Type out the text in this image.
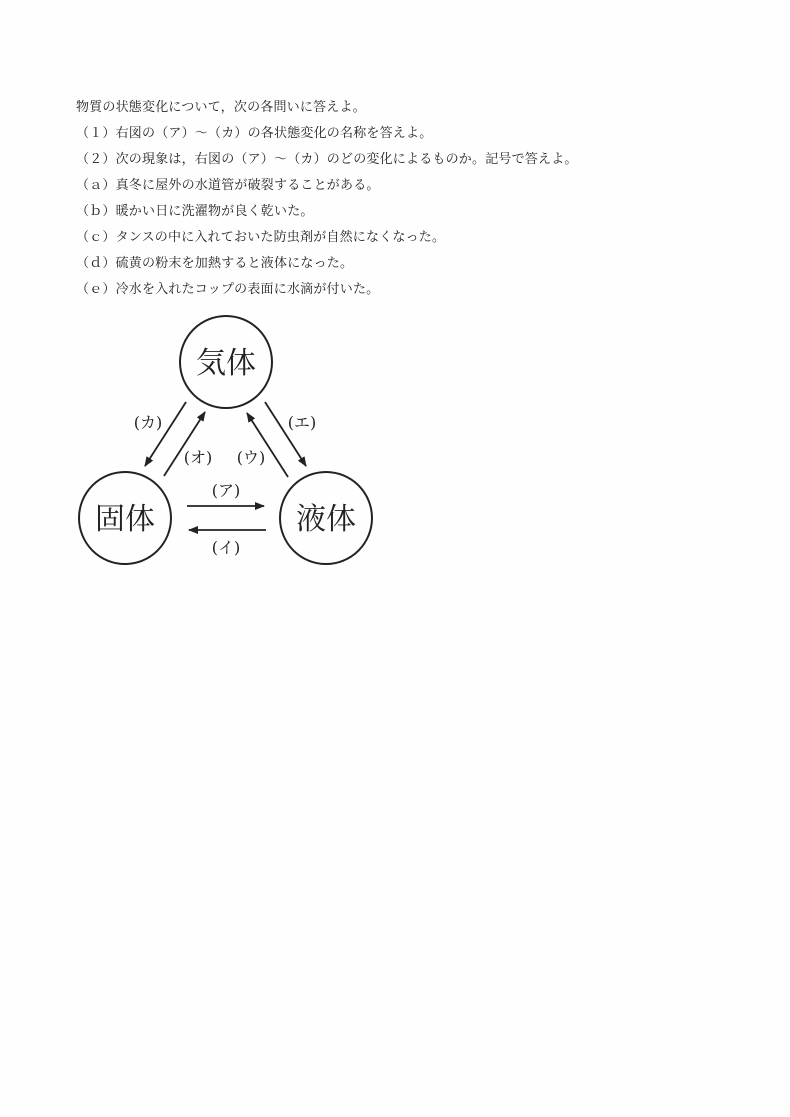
物質の状態変化について，次の各問いに答えよ。
（１）右図の（ア）～（カ）の各状態変化の名称を答えよ。
（２）次の現象は，右図の（ア）～（カ）のどの変化によるものか。記号で答えよ。
（ａ）真冬に屋外の水道管が破裂することがある。
（ｂ）暖かい日に洗濯物が良く乾いた。
（ｃ）タンスの中に入れておいた防虫剤が自然になくなった。
（ｄ）硫黄の粉末を加熱すると液体になった。
（ｅ）冷水を入れたコップの表面に水滴が付いた。
気体
固体	液体
(ア)
(イ)
(カ)
(オ) (ウ)
(エ)
